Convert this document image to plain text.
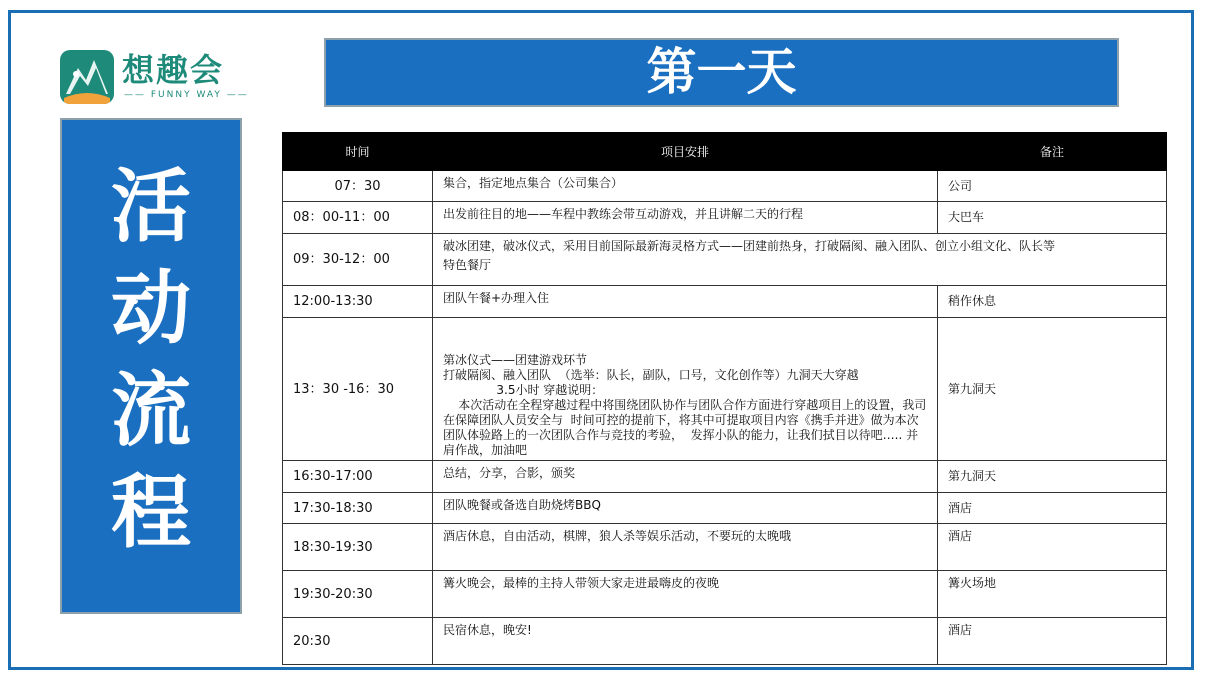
想趣会
—— FUNNY WAY ——
活
动
流
程
第一天
时间	项目安排	备注
07：30	集合，指定地点集合（公司集合）	公司
08：00-11：00	出发前往目的地——车程中教练会带互动游戏，并且讲解二天的行程	大巴车
09：30-12：00	破冰团建，破冰仪式，采用目前国际最新海灵格方式——团建前热身，打破隔阂、融入团队、创立小组文化、队长等
特色餐厅	

12:00-13:30	团队午餐+办理入住	稍作休息
13：30 -16：30	第冰仪式——团建游戏环节
打破隔阂、融入团队  （选举：队长，副队，口号，文化创作等）九洞天大穿越
3.5小时 穿越说明：
本次活动在全程穿越过程中将围绕团队协作与团队合作方面进行穿越项目上的设置，我司在保障团队人员安全与  时间可控的提前下，将其中可提取项目内容《携手并进》做为本次团队体验路上的一次团队合作与竞技的考验，  发挥小队的能力，让我们拭目以待吧….. 并肩作战，加油吧	第九洞天
16:30-17:00	总结，分享，合影，颁奖	第九洞天
17:30-18:30	团队晚餐或备选自助烧烤BBQ	酒店
18:30-19:30	酒店休息，自由活动，棋牌，狼人杀等娱乐活动，不要玩的太晚哦	酒店
19:30-20:30	篝火晚会，最棒的主持人带领大家走进最嗨皮的夜晚	篝火场地
20:30	民宿休息，晚安!	酒店
